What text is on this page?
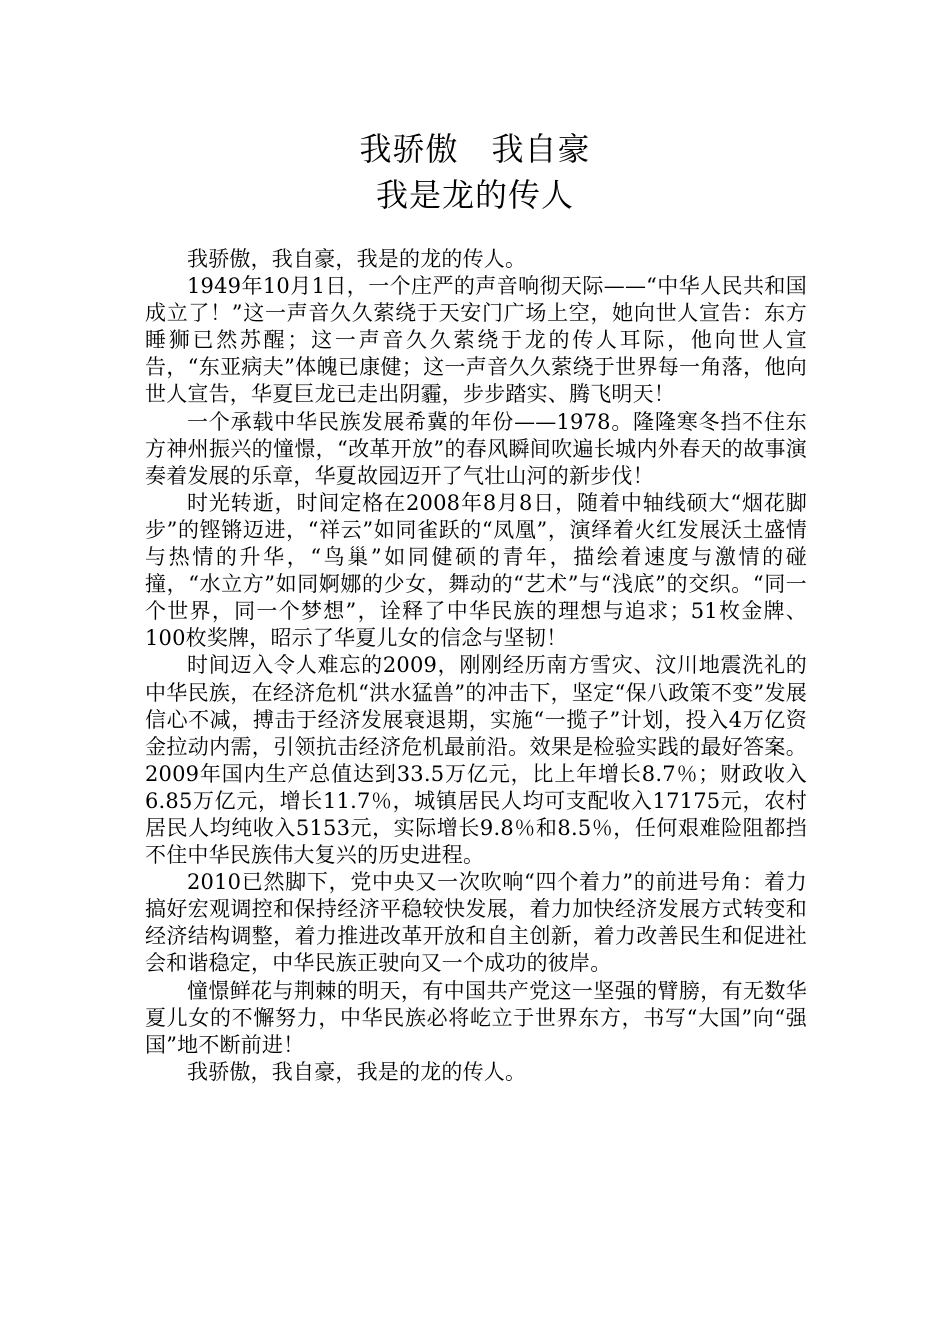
我骄傲　我自豪
我是龙的传人

我骄傲，我自豪，我是的龙的传人。

1949年10月1日，一个庄严的声音响彻天际——“中华人民共和国成立了！”这一声音久久萦绕于天安门广场上空，她向世人宣告：东方睡狮已然苏醒；这一声音久久萦绕于龙的传人耳际，他向世人宣告，“东亚病夫”体魄已康健；这一声音久久萦绕于世界每一角落，他向世人宣告，华夏巨龙已走出阴霾，步步踏实、腾飞明天！

一个承载中华民族发展希冀的年份——1978。隆隆寒冬挡不住东方神州振兴的憧憬，“改革开放”的春风瞬间吹遍长城内外春天的故事演奏着发展的乐章，华夏故园迈开了气壮山河的新步伐！

时光转逝，时间定格在2008年8月8日，随着中轴线硕大“烟花脚步”的铿锵迈进，“祥云”如同雀跃的“凤凰”，演绎着火红发展沃土盛情与热情的升华，“鸟巢”如同健硕的青年，描绘着速度与激情的碰撞，“水立方”如同婀娜的少女，舞动的“艺术”与“浅底”的交织。“同一个世界，同一个梦想”，诠释了中华民族的理想与追求；51枚金牌、100枚奖牌，昭示了华夏儿女的信念与坚韧！

时间迈入令人难忘的2009，刚刚经历南方雪灾、汶川地震洗礼的中华民族，在经济危机“洪水猛兽”的冲击下，坚定“保八政策不变”发展信心不减，搏击于经济发展衰退期，实施“一揽子”计划，投入4万亿资金拉动内需，引领抗击经济危机最前沿。效果是检验实践的最好答案。2009年国内生产总值达到33.5万亿元，比上年增长8.7％；财政收入6.85万亿元，增长11.7％，城镇居民人均可支配收入17175元，农村居民人均纯收入5153元，实际增长9.8％和8.5％，任何艰难险阻都挡不住中华民族伟大复兴的历史进程。

2010已然脚下，党中央又一次吹响“四个着力”的前进号角：着力搞好宏观调控和保持经济平稳较快发展，着力加快经济发展方式转变和经济结构调整，着力推进改革开放和自主创新，着力改善民生和促进社会和谐稳定，中华民族正驶向又一个成功的彼岸。

憧憬鲜花与荆棘的明天，有中国共产党这一坚强的臂膀，有无数华夏儿女的不懈努力，中华民族必将屹立于世界东方，书写“大国”向“强国”地不断前进！

我骄傲，我自豪，我是的龙的传人。
